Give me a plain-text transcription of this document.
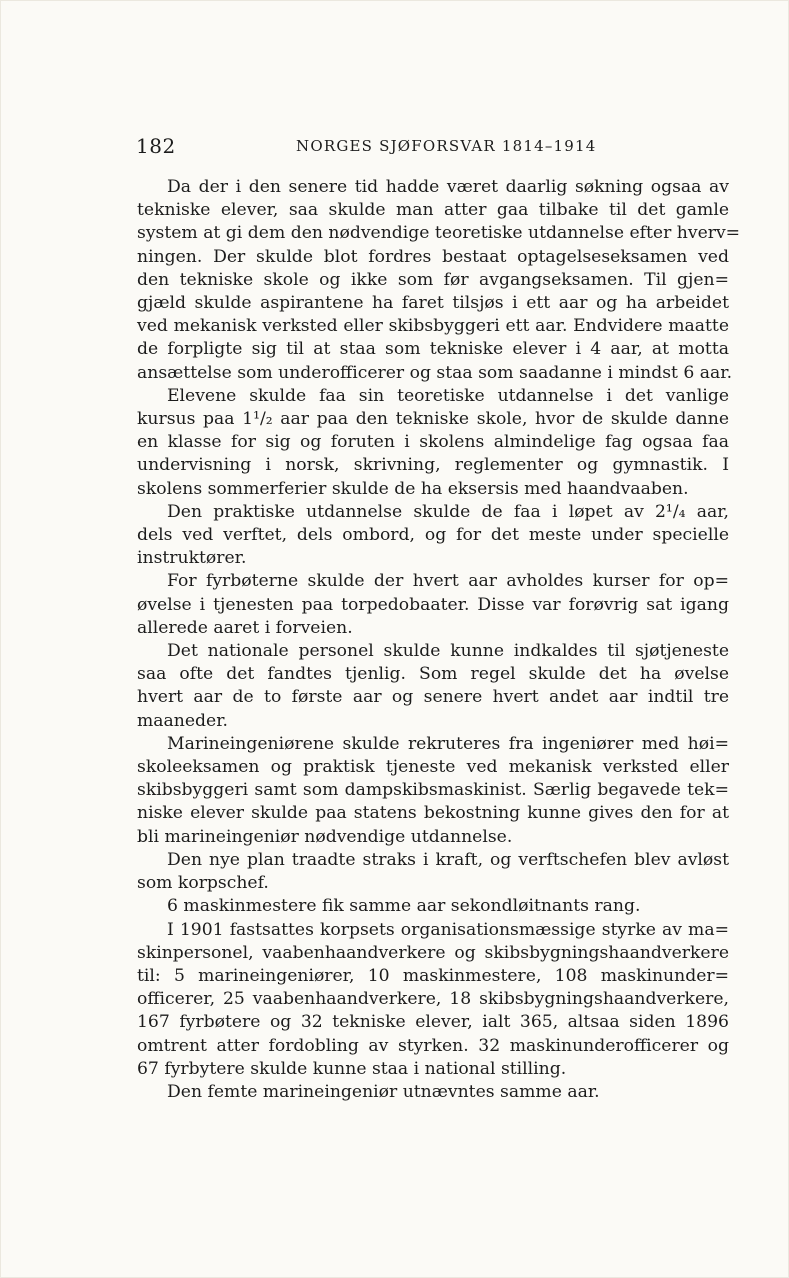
182	NORGES SJØFORSVAR 1814–1914

Da der i den senere tid hadde været daarlig søkning ogsaa av
tekniske elever, saa skulde man atter gaa tilbake til det gamle
system at gi dem den nødvendige teoretiske utdannelse efter hverv=
ningen. Der skulde blot fordres bestaat optagelseseksamen ved
den tekniske skole og ikke som før avgangseksamen. Til gjen=
gjæld skulde aspirantene ha faret tilsjøs i ett aar og ha arbeidet
ved mekanisk verksted eller skibsbyggeri ett aar. Endvidere maatte
de forpligte sig til at staa som tekniske elever i 4 aar, at motta
ansættelse som underofficerer og staa som saadanne i mindst 6 aar.

Elevene skulde faa sin teoretiske utdannelse i det vanlige
kursus paa 1¹/₂ aar paa den tekniske skole, hvor de skulde danne
en klasse for sig og foruten i skolens almindelige fag ogsaa faa
undervisning i norsk, skrivning, reglementer og gymnastik. I
skolens sommerferier skulde de ha eksersis med haandvaaben.

Den praktiske utdannelse skulde de faa i løpet av 2¹/₄ aar,
dels ved verftet, dels ombord, og for det meste under specielle
instruktører.

For fyrbøterne skulde der hvert aar avholdes kurser for op=
øvelse i tjenesten paa torpedobaater. Disse var forøvrig sat igang
allerede aaret i forveien.

Det nationale personel skulde kunne indkaldes til sjøtjeneste
saa ofte det fandtes tjenlig. Som regel skulde det ha øvelse
hvert aar de to første aar og senere hvert andet aar indtil tre
maaneder.

Marineingeniørene skulde rekruteres fra ingeniører med høi=
skoleeksamen og praktisk tjeneste ved mekanisk verksted eller
skibsbyggeri samt som dampskibsmaskinist. Særlig begavede tek=
niske elever skulde paa statens bekostning kunne gives den for at
bli marineingeniør nødvendige utdannelse.

Den nye plan traadte straks i kraft, og verftschefen blev avløst
som korpschef.

6 maskinmestere fik samme aar sekondløitnants rang.

I 1901 fastsattes korpsets organisationsmæssige styrke av ma=
skinpersonel, vaabenhaandverkere og skibsbygningshaandverkere
til: 5 marineingeniører, 10 maskinmestere, 108 maskinunder=
officerer, 25 vaabenhaandverkere, 18 skibsbygningshaandverkere,
167 fyrbøtere og 32 tekniske elever, ialt 365, altsaa siden 1896
omtrent atter fordobling av styrken. 32 maskinunderofficerer og
67 fyrbytere skulde kunne staa i national stilling.

Den femte marineingeniør utnævntes samme aar.
